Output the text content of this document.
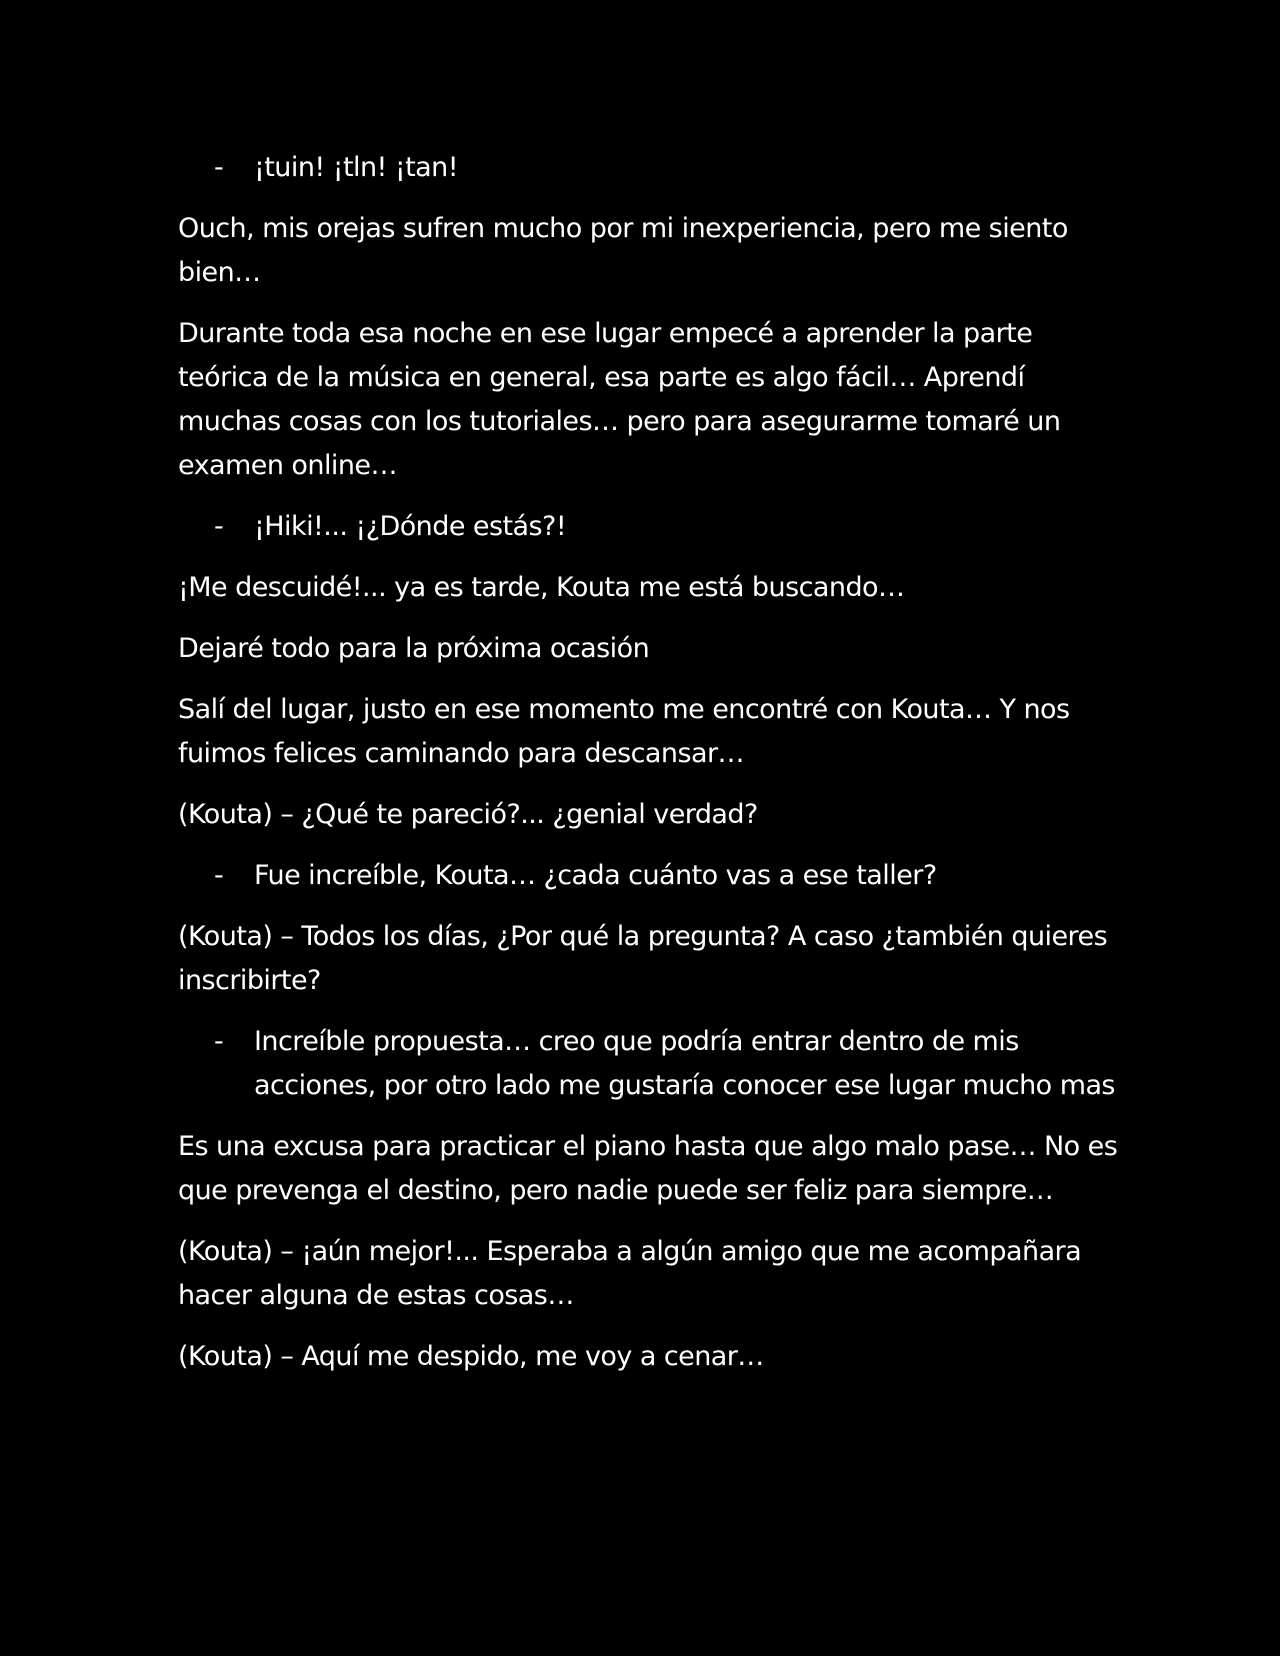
- ¡tuin! ¡tln! ¡tan!

Ouch, mis orejas sufren mucho por mi inexperiencia, pero me siento bien…

Durante toda esa noche en ese lugar empecé a aprender la parte teórica de la música en general, esa parte es algo fácil… Aprendí muchas cosas con los tutoriales… pero para asegurarme tomaré un examen online…

- ¡Hiki!... ¡¿Dónde estás?!

¡Me descuidé!... ya es tarde, Kouta me está buscando…

Dejaré todo para la próxima ocasión

Salí del lugar, justo en ese momento me encontré con Kouta… Y nos fuimos felices caminando para descansar…

(Kouta) – ¿Qué te pareció?... ¿genial verdad?

- Fue increíble, Kouta… ¿cada cuánto vas a ese taller?

(Kouta) – Todos los días, ¿Por qué la pregunta? A caso ¿también quieres inscribirte?

- Increíble propuesta… creo que podría entrar dentro de mis acciones, por otro lado me gustaría conocer ese lugar mucho mas

Es una excusa para practicar el piano hasta que algo malo pase… No es que prevenga el destino, pero nadie puede ser feliz para siempre…

(Kouta) – ¡aún mejor!... Esperaba a algún amigo que me acompañara hacer alguna de estas cosas…

(Kouta) – Aquí me despido, me voy a cenar…
